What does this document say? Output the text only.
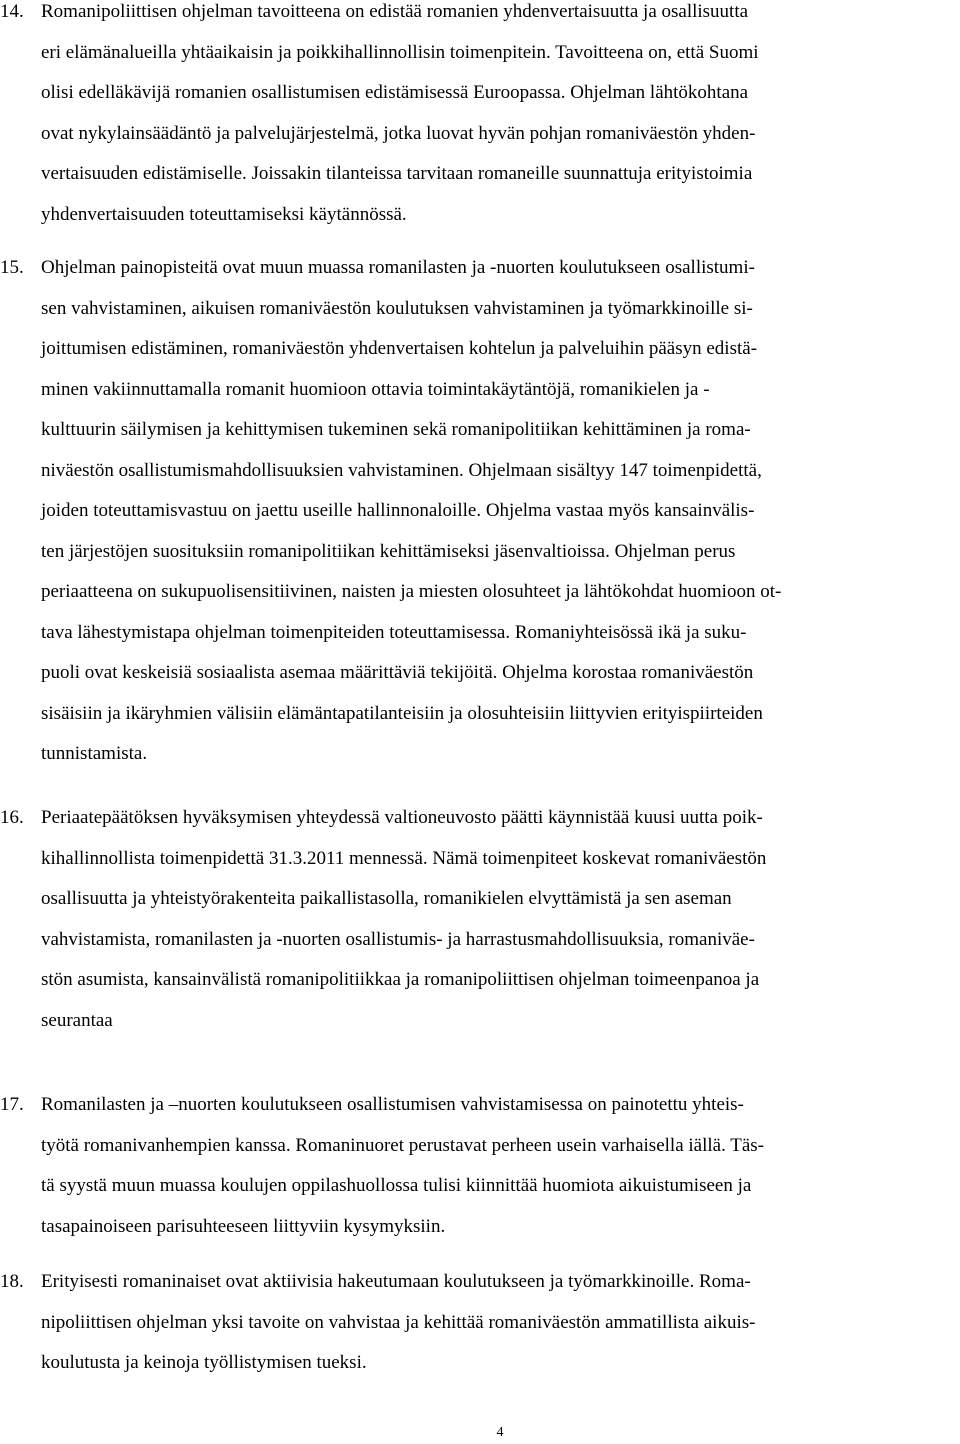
14. Romanipoliittisen ohjelman tavoitteena on edistää romanien yhdenvertaisuutta ja osallisuutta
eri elämänalueilla yhtäaikaisin ja poikkihallinnollisin toimenpitein. Tavoitteena on, että Suomi
olisi edelläkävijä romanien osallistumisen edistämisessä Euroopassa. Ohjelman lähtökohtana
ovat nykylainsäädäntö ja palvelujärjestelmä, jotka luovat hyvän pohjan romaniväestön yhden-
vertaisuuden edistämiselle. Joissakin tilanteissa tarvitaan romaneille suunnattuja erityistoimia
yhdenvertaisuuden toteuttamiseksi käytännössä.
15. Ohjelman painopisteitä ovat muun muassa romanilasten ja -nuorten koulutukseen osallistumi-
sen vahvistaminen, aikuisen romaniväestön koulutuksen vahvistaminen ja työmarkkinoille si-
joittumisen edistäminen, romaniväestön yhdenvertaisen kohtelun ja palveluihin pääsyn edistä-
minen vakiinnuttamalla romanit huomioon ottavia toimintakäytäntöjä, romanikielen ja -
kulttuurin säilymisen ja kehittymisen tukeminen sekä romanipolitiikan kehittäminen ja roma-
niväestön osallistumismahdollisuuksien vahvistaminen. Ohjelmaan sisältyy 147 toimenpidettä,
joiden toteuttamisvastuu on jaettu useille hallinnonaloille. Ohjelma vastaa myös kansainvälis-
ten järjestöjen suosituksiin romanipolitiikan kehittämiseksi jäsenvaltioissa. Ohjelman perus
tava lähestymistapa ohjelman toimenpiteiden toteuttamisessa. Romaniyhteisössä ikä ja suku-
puoli ovat keskeisiä sosiaalista asemaa määrittäviä tekijöitä. Ohjelma korostaa romaniväestön
sisäisiin ja ikäryhmien välisiin elämäntapatilanteisiin ja olosuhteisiin liittyvien erityispiirteiden
tunnistamista.
periaatteena on sukupuolisensitiivinen, naisten ja miesten olosuhteet ja lähtökohdat huomioon ot-
16. Periaatepäätöksen hyväksymisen yhteydessä valtioneuvosto päätti käynnistää kuusi uutta poik-
kihallinnollista toimenpidettä 31.3.2011 mennessä. Nämä toimenpiteet koskevat romaniväestön
osallisuutta ja yhteistyörakenteita paikallistasolla, romanikielen elvyttämistä ja sen aseman
vahvistamista, romanilasten ja -nuorten osallistumis- ja harrastusmahdollisuuksia, romaniväe-
stön asumista, kansainvälistä romanipolitiikkaa ja romanipoliittisen ohjelman toimeenpanoa ja
seurantaa
17. Romanilasten ja –nuorten koulutukseen osallistumisen vahvistamisessa on painotettu yhteis-
työtä romanivanhempien kanssa. Romaninuoret perustavat perheen usein varhaisella iällä. Täs-
tä syystä muun muassa koulujen oppilashuollossa tulisi kiinnittää huomiota aikuistumiseen ja
tasapainoiseen parisuhteeseen liittyviin kysymyksiin.
18. Erityisesti romaninaiset ovat aktiivisia hakeutumaan koulutukseen ja työmarkkinoille. Roma-
nipoliittisen ohjelman yksi tavoite on vahvistaa ja kehittää romaniväestön ammatillista aikuis-
koulutusta ja keinoja työllistymisen tueksi.
4
